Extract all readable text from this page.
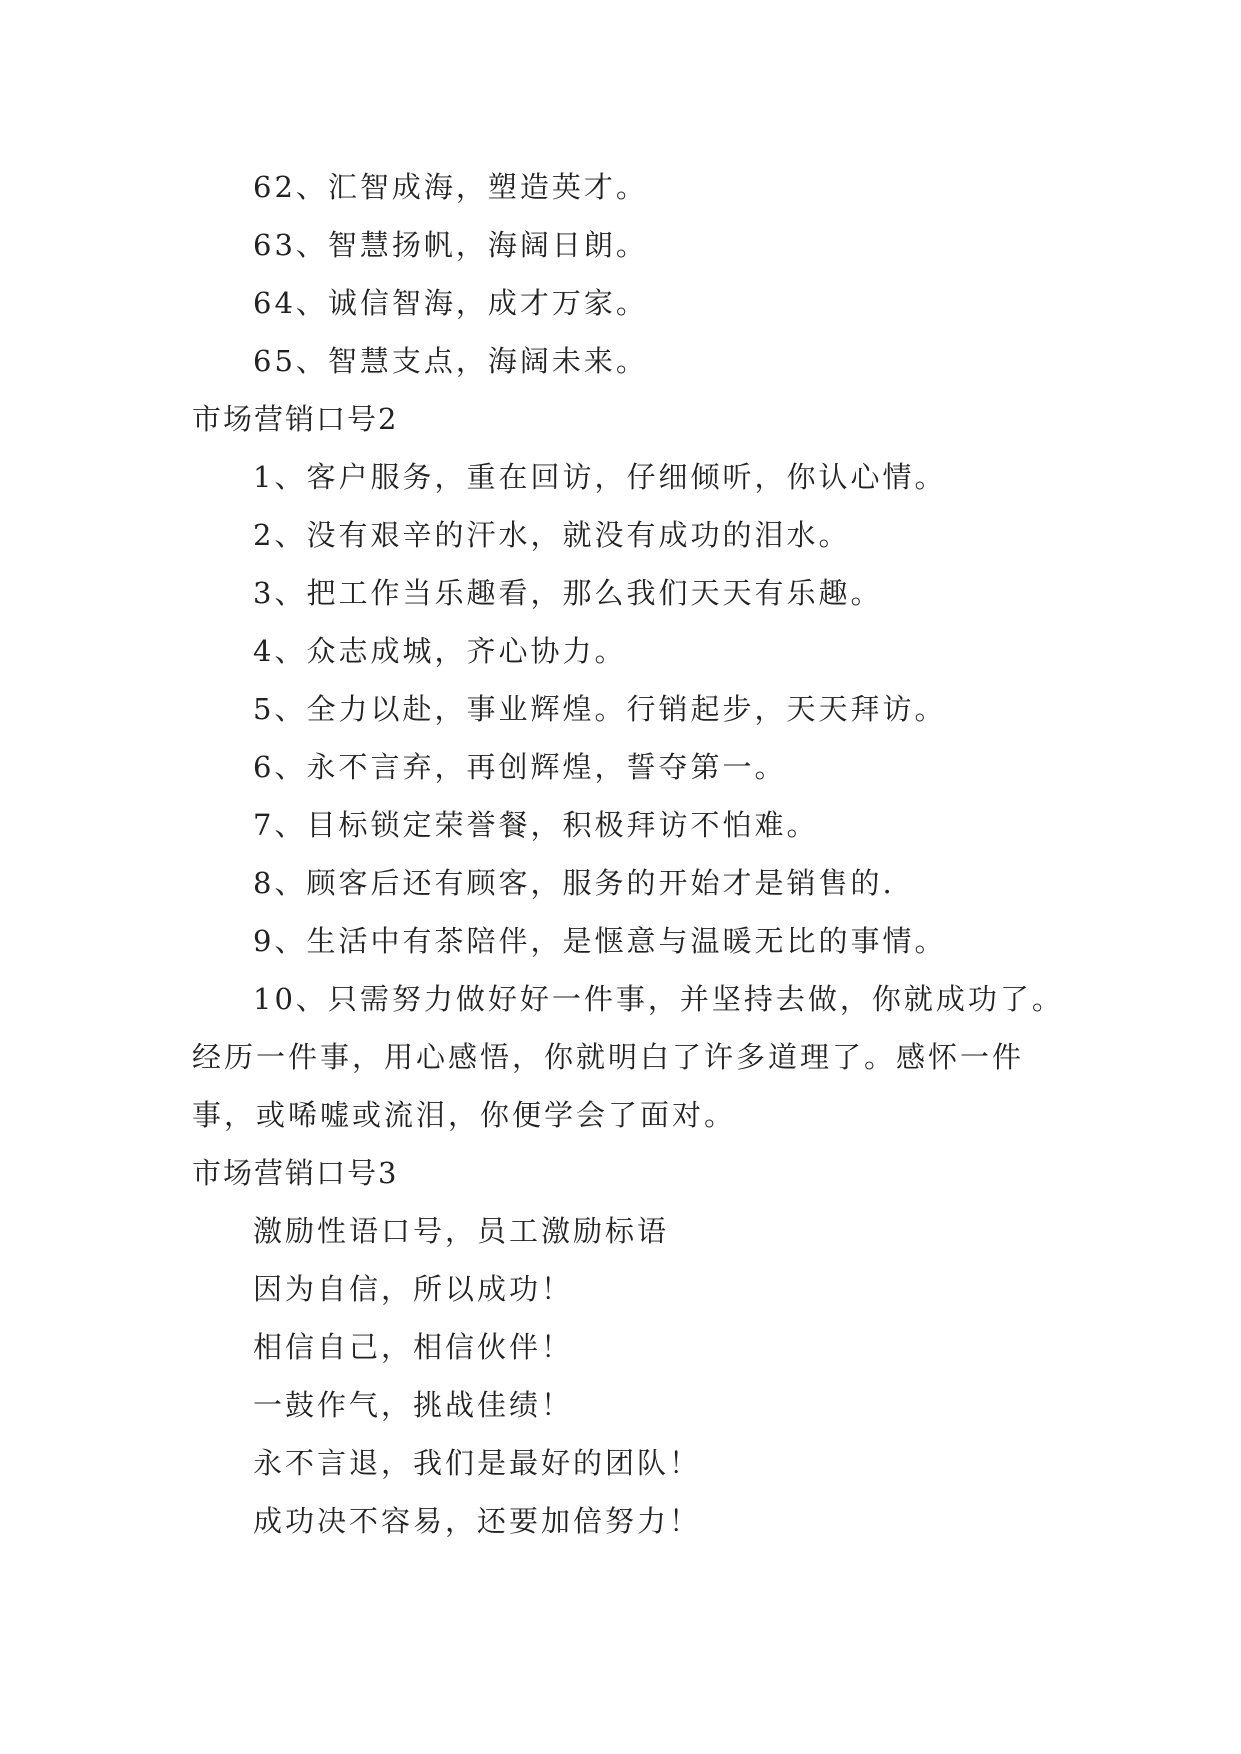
62、汇智成海，塑造英才。
63、智慧扬帆，海阔日朗。
64、诚信智海，成才万家。
65、智慧支点，海阔未来。
市场营销口号2
1、客户服务，重在回访，仔细倾听，你认心情。
2、没有艰辛的汗水，就没有成功的泪水。
3、把工作当乐趣看，那么我们天天有乐趣。
4、众志成城，齐心协力。
5、全力以赴，事业辉煌。行销起步，天天拜访。
6、永不言弃，再创辉煌，誓夺第一。
7、目标锁定荣誉餐，积极拜访不怕难。
8、顾客后还有顾客，服务的开始才是销售的.
9、生活中有茶陪伴，是惬意与温暖无比的事情。
10、只需努力做好好一件事，并坚持去做，你就成功了。
经历一件事，用心感悟，你就明白了许多道理了。感怀一件
事，或唏嘘或流泪，你便学会了面对。
市场营销口号3
激励性语口号，员工激励标语
因为自信，所以成功！
相信自己，相信伙伴！
一鼓作气，挑战佳绩！
永不言退，我们是最好的团队！
成功决不容易，还要加倍努力！
